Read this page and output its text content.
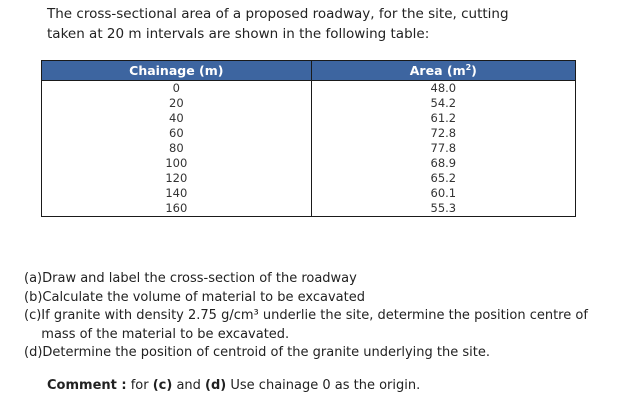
The cross-sectional area of a proposed roadway, for the site, cutting
taken at 20 m intervals are shown in the following table:

Chainage (m)	Area $(m^2)$
0	48.0
20	54.2
40	61.2
60	72.8
80	77.8
100	68.9
120	65.2
140	60.1
160	55.3
(a) Draw and label the cross-section of the roadway
(b) Calculate the volume of material to be excavated
(c) If granite with density 2.75 g/cm³ underlie the site, determine the position centre of mass of the material to be excavated.
(d) Determine the position of centroid of the granite underlying the site.

Comment : for (c) and (d) Use chainage 0 as the origin.
